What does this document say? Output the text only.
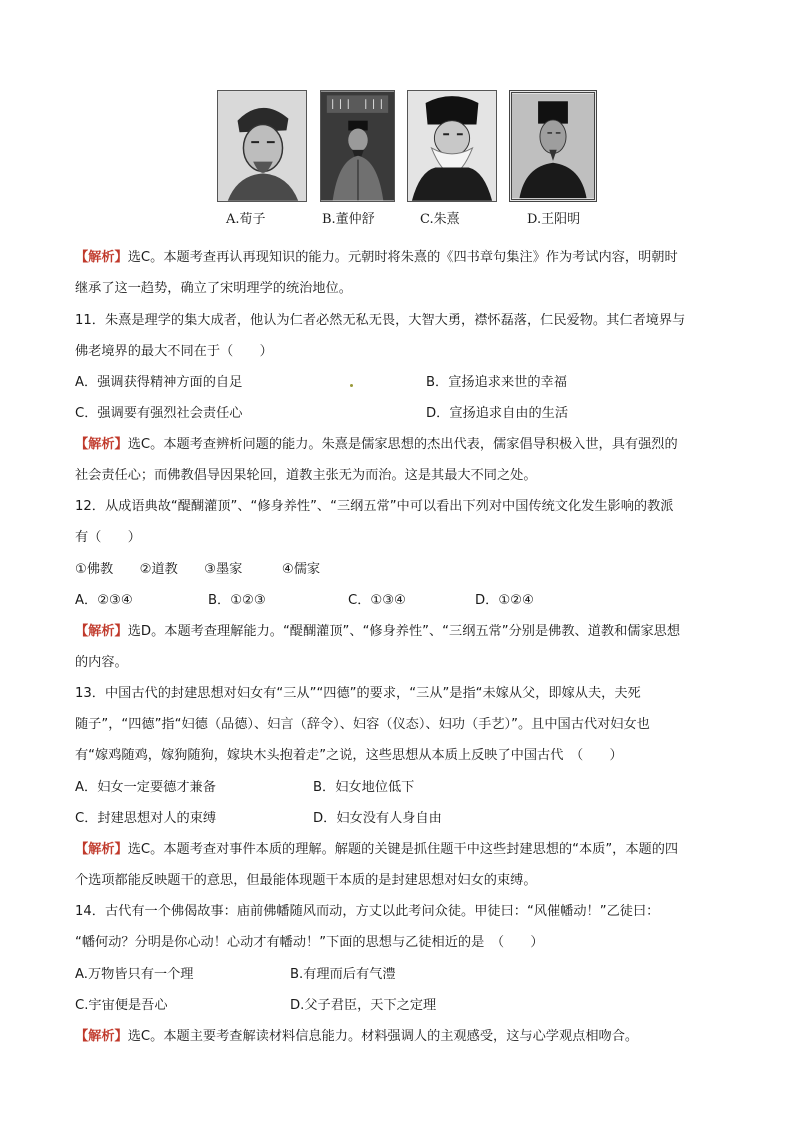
A.荀子	B.董仲舒	C.朱熹	D.王阳明
【解析】选C。本题考查再认再现知识的能力。元朝时将朱熹的《四书章句集注》作为考试内容，明朝时
继承了这一趋势，确立了宋明理学的统治地位。
11．朱熹是理学的集大成者，他认为仁者必然无私无畏，大智大勇，襟怀磊落，仁民爱物。其仁者境界与
佛老境界的最大不同在于（　　）
A．强调获得精神方面的自足	B．宣扬追求来世的幸福
C．强调要有强烈社会责任心	D．宣扬追求自由的生活
【解析】选C。本题考查辨析问题的能力。朱熹是儒家思想的杰出代表，儒家倡导积极入世，具有强烈的
社会责任心；而佛教倡导因果轮回，道教主张无为而治。这是其最大不同之处。
12．从成语典故“醍醐灌顶”、“修身养性”、“三纲五常”中可以看出下列对中国传统文化发生影响的教派
有（　　）
①佛教　　②道教　　③墨家　　　④儒家
A．②③④	B．①②③	C．①③④	D．①②④
【解析】选D。本题考查理解能力。“醍醐灌顶”、“修身养性”、“三纲五常”分别是佛教、道教和儒家思想
的内容。
13．中国古代的封建思想对妇女有“三从”“四德”的要求，“三从”是指“未嫁从父，即嫁从夫，夫死
随子”，“四德”指“妇德（品德）、妇言（辞令）、妇容（仪态）、妇功（手艺）”。且中国古代对妇女也
有“嫁鸡随鸡，嫁狗随狗，嫁块木头抱着走”之说，这些思想从本质上反映了中国古代　（　　）
A．妇女一定要德才兼备	B．妇女地位低下
C．封建思想对人的束缚	D．妇女没有人身自由
【解析】选C。本题考查对事件本质的理解。解题的关键是抓住题干中这些封建思想的“本质”，本题的四
个选项都能反映题干的意思，但最能体现题干本质的是封建思想对妇女的束缚。
14．古代有一个佛偈故事：庙前佛幡随风而动，方丈以此考问众徒。甲徒曰：“风催幡动！”乙徒曰：
“幡何动？分明是你心动！心动才有幡动！”下面的思想与乙徒相近的是　（　　）
A.万物皆只有一个理	B.有理而后有气澧
C.宇宙便是吾心	D.父子君臣，天下之定理
【解析】选C。本题主要考查解读材料信息能力。材料强调人的主观感受，这与心学观点相吻合。
